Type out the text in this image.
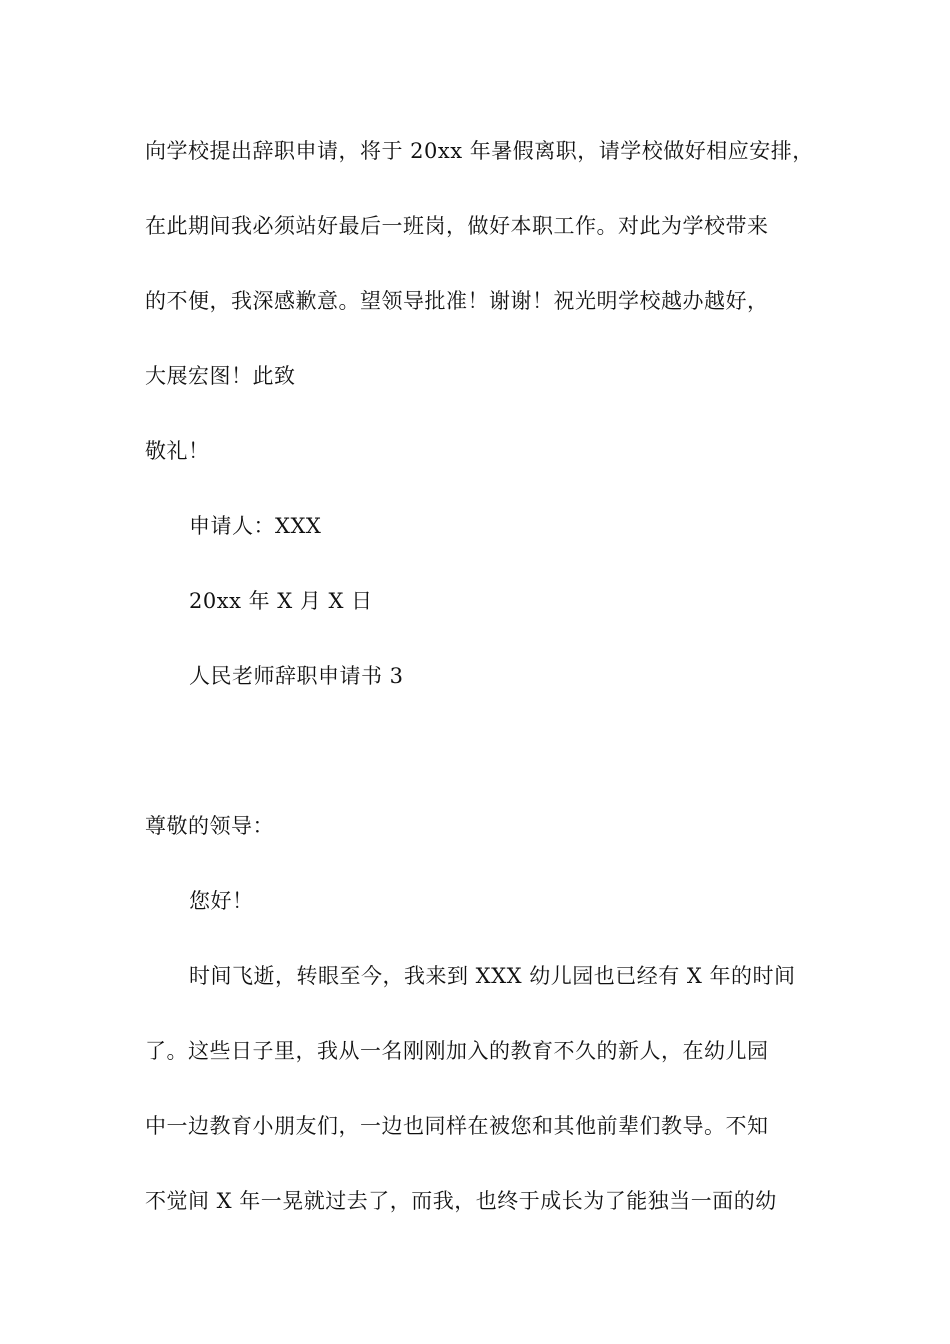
向学校提出辞职申请，将于 20xx 年暑假离职，请学校做好相应安排，
在此期间我必须站好最后一班岗，做好本职工作。对此为学校带来
的不便，我深感歉意。望领导批准！谢谢！祝光明学校越办越好，
大展宏图！此致
敬礼！
申请人：XXX
20xx 年 X 月 X 日
人民老师辞职申请书 3
尊敬的领导：
您好！
时间飞逝，转眼至今，我来到 XXX 幼儿园也已经有 X 年的时间
了。这些日子里，我从一名刚刚加入的教育不久的新人，在幼儿园
中一边教育小朋友们，一边也同样在被您和其他前辈们教导。不知
不觉间 X 年一晃就过去了，而我，也终于成长为了能独当一面的幼
